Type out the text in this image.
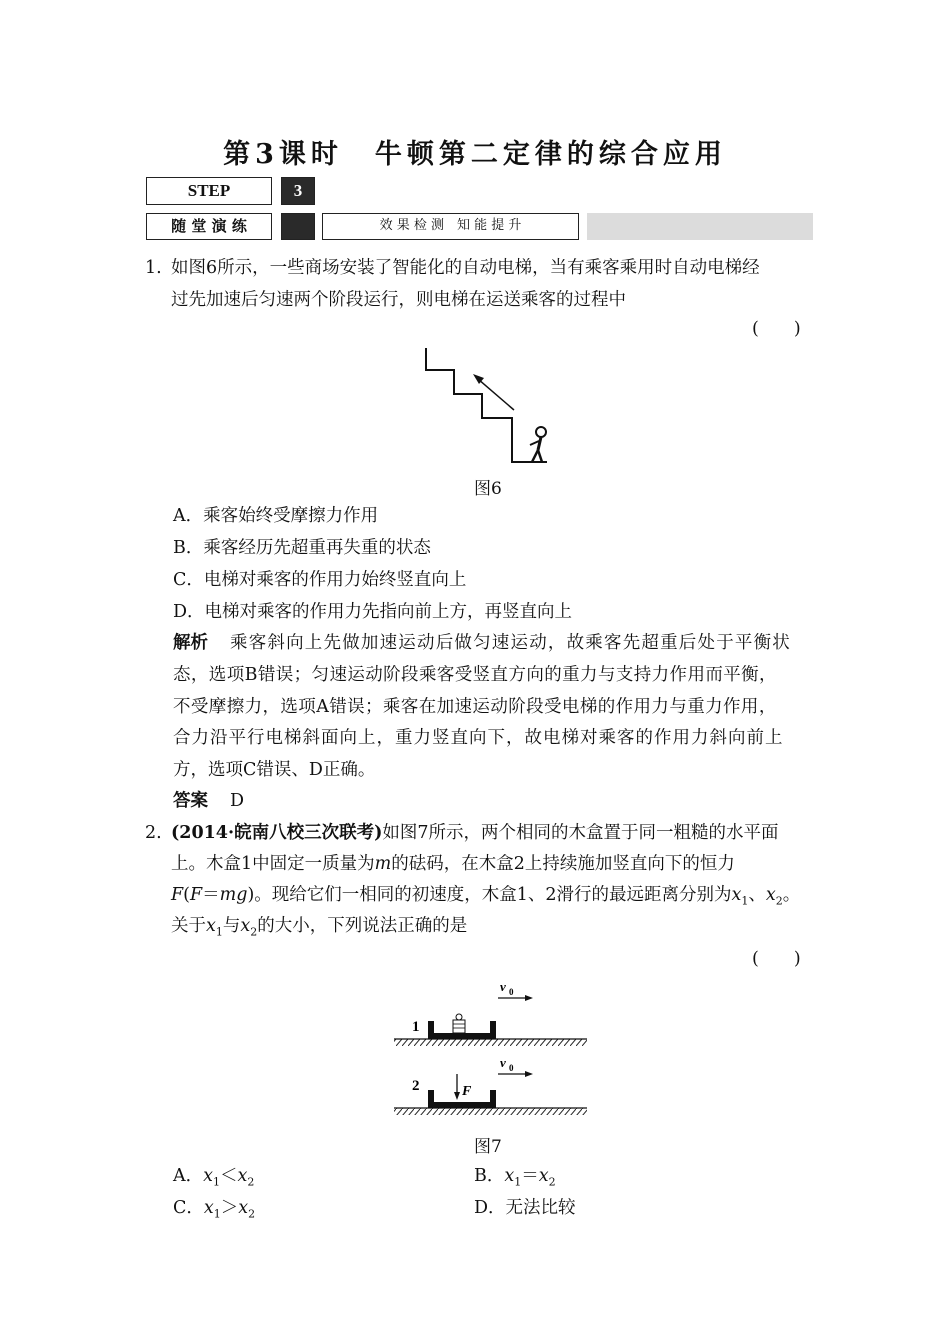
第3课时　牛顿第二定律的综合应用
STEP	3
随 堂 演 练	效 果 检 测　知 能 提 升
1. 如图6所示，一些商场安装了智能化的自动电梯，当有乘客乘用时自动电梯经
过先加速后匀速两个阶段运行，则电梯在运送乘客的过程中
(　　)
图6
A．乘客始终受摩擦力作用
B．乘客经历先超重再失重的状态
C．电梯对乘客的作用力始终竖直向上
D．电梯对乘客的作用力先指向前上方，再竖直向上
解析 乘客斜向上先做加速运动后做匀速运动，故乘客先超重后处于平衡状
态，选项B错误；匀速运动阶段乘客受竖直方向的重力与支持力作用而平衡，
不受摩擦力，选项A错误；乘客在加速运动阶段受电梯的作用力与重力作用，
合力沿平行电梯斜面向上，重力竖直向下，故电梯对乘客的作用力斜向前上
方，选项C错误、D正确。
答案 D
2. (2014·皖南八校三次联考)如图7所示，两个相同的木盒置于同一粗糙的水平面
上。木盒1中固定一质量为m的砝码，在木盒2上持续施加竖直向下的恒力
F(F＝mg)。现给它们一相同的初速度，木盒1、2滑行的最远距离分别为$x_1$、$x_2$。
关于$x_1$与$x_2$的大小，下列说法正确的是
(　　)
v 0
1
v 0
2	F
图7
A．$x_1<x_2$	B．$x_1=x_2$
C．$x_1>x_2$	D．无法比较
